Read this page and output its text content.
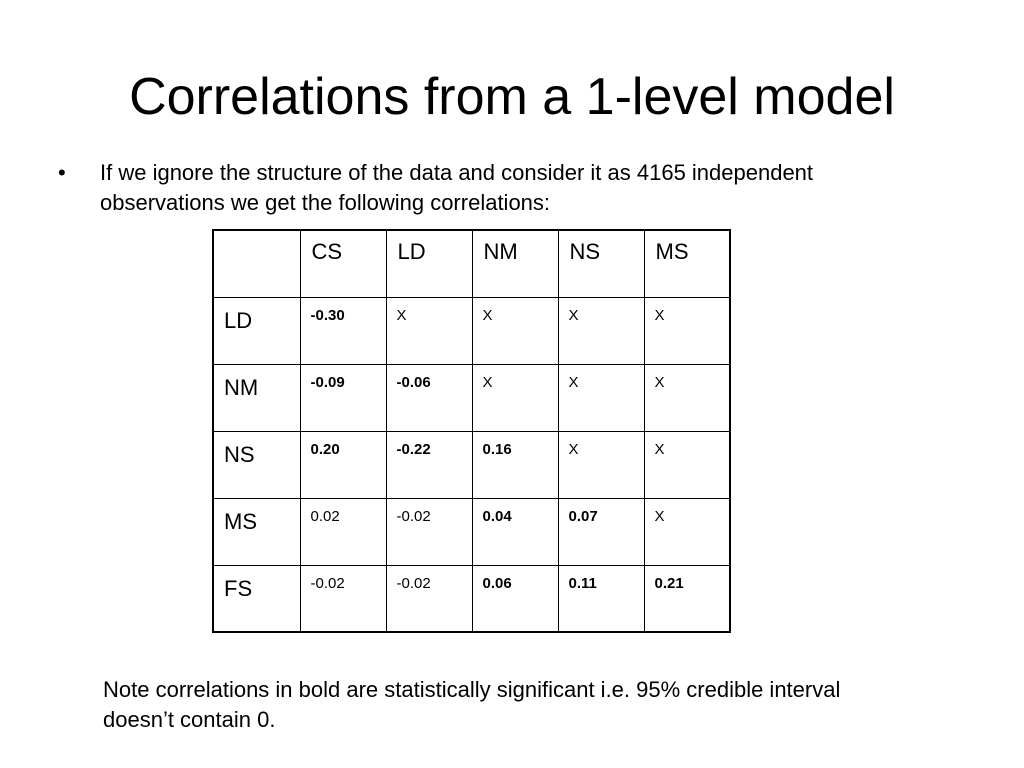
Correlations from a 1-level model
• If we ignore the structure of the data and consider it as 4165 independent observations we get the following correlations:
	CS	LD	NM	NS	MS
LD	-0.30	X	X	X	X
NM	-0.09	-0.06	X	X	X
NS	0.20	-0.22	0.16	X	X
MS	0.02	-0.02	0.04	0.07	X
FS	-0.02	-0.02	0.06	0.11	0.21
Note correlations in bold are statistically significant i.e. 95% credible interval doesn’t contain 0.
